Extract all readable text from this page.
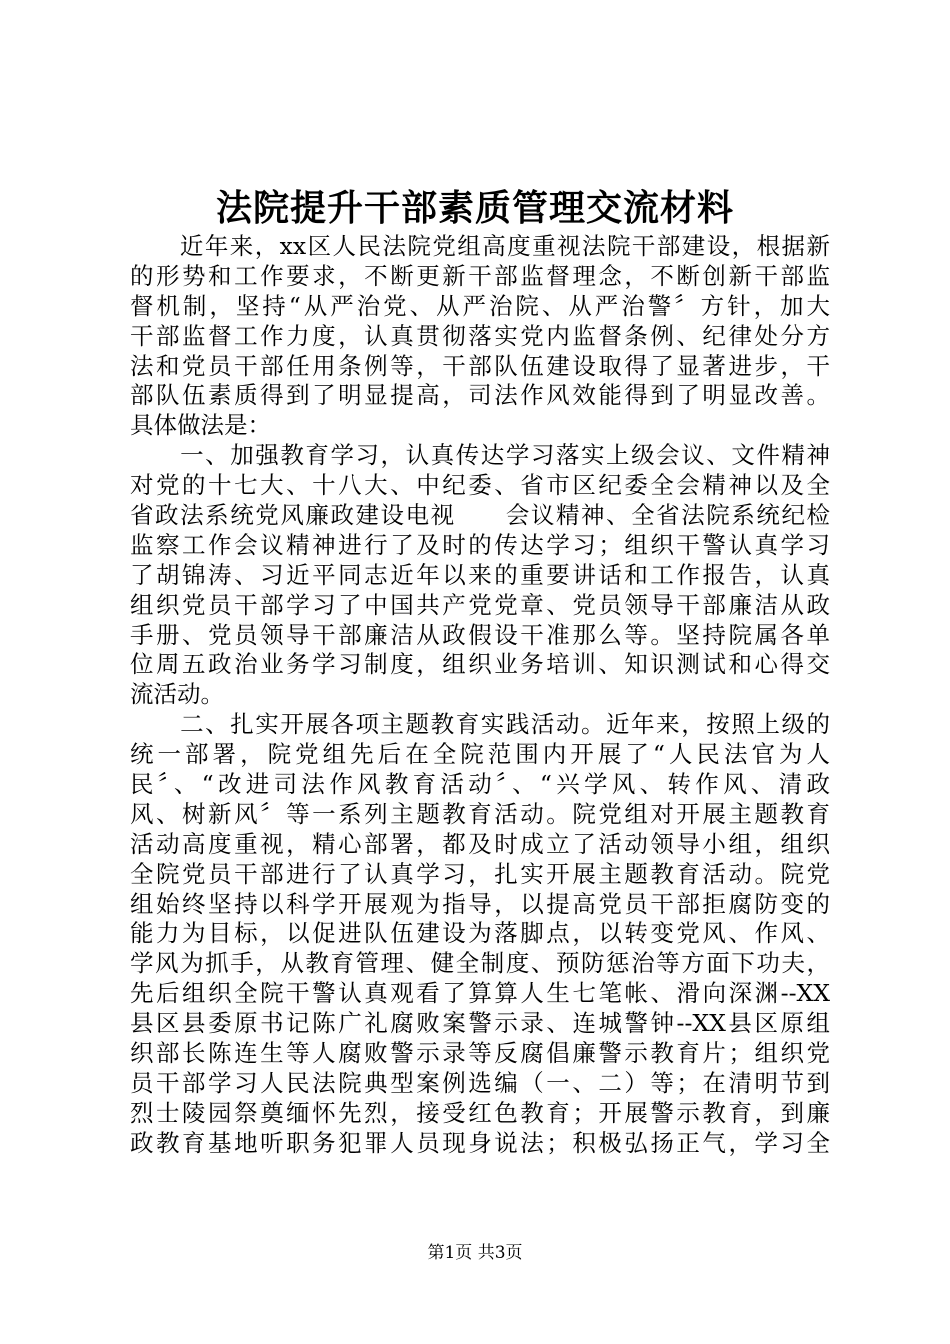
法院提升干部素质管理交流材料

　　近年来，xx区人民法院党组高度重视法院干部建设，根据新

的形势和工作要求，不断更新干部监督理念，不断创新干部监

督机制，坚持“从严治党、从严治院、从严治警〞方针，加大

干部监督工作力度，认真贯彻落实党内监督条例、纪律处分方

法和党员干部任用条例等，干部队伍建设取得了显著进步，干

部队伍素质得到了明显提高，司法作风效能得到了明显改善。

具体做法是：

　　一、加强教育学习，认真传达学习落实上级会议、文件精神

对党的十七大、十八大、中纪委、省市区纪委全会精神以及全

省政法系统党风廉政建设电视　　会议精神、全省法院系统纪检

监察工作会议精神进行了及时的传达学习；组织干警认真学习

了胡锦涛、习近平同志近年以来的重要讲话和工作报告，认真

组织党员干部学习了中国共产党党章、党员领导干部廉洁从政

手册、党员领导干部廉洁从政假设干准那么等。坚持院属各单

位周五政治业务学习制度，组织业务培训、知识测试和心得交

流活动。

　　二、扎实开展各项主题教育实践活动。近年来，按照上级的

统一部署，院党组先后在全院范围内开展了“人民法官为人

民〞、“改进司法作风教育活动〞、“兴学风、转作风、清政

风、树新风〞等一系列主题教育活动。院党组对开展主题教育

活动高度重视，精心部署，都及时成立了活动领导小组，组织

全院党员干部进行了认真学习，扎实开展主题教育活动。院党

组始终坚持以科学开展观为指导，以提高党员干部拒腐防变的

能力为目标，以促进队伍建设为落脚点，以转变党风、作风、

学风为抓手，从教育管理、健全制度、预防惩治等方面下功夫，

先后组织全院干警认真观看了算算人生七笔帐、滑向深渊--XX

县区县委原书记陈广礼腐败案警示录、连城警钟--XX县区原组

织部长陈连生等人腐败警示录等反腐倡廉警示教育片；组织党

员干部学习人民法院典型案例选编（一、二）等；在清明节到

烈士陵园祭奠缅怀先烈，接受红色教育；开展警示教育，到廉

政教育基地听职务犯罪人员现身说法；积极弘扬正气，学习全

第1页 共3页
